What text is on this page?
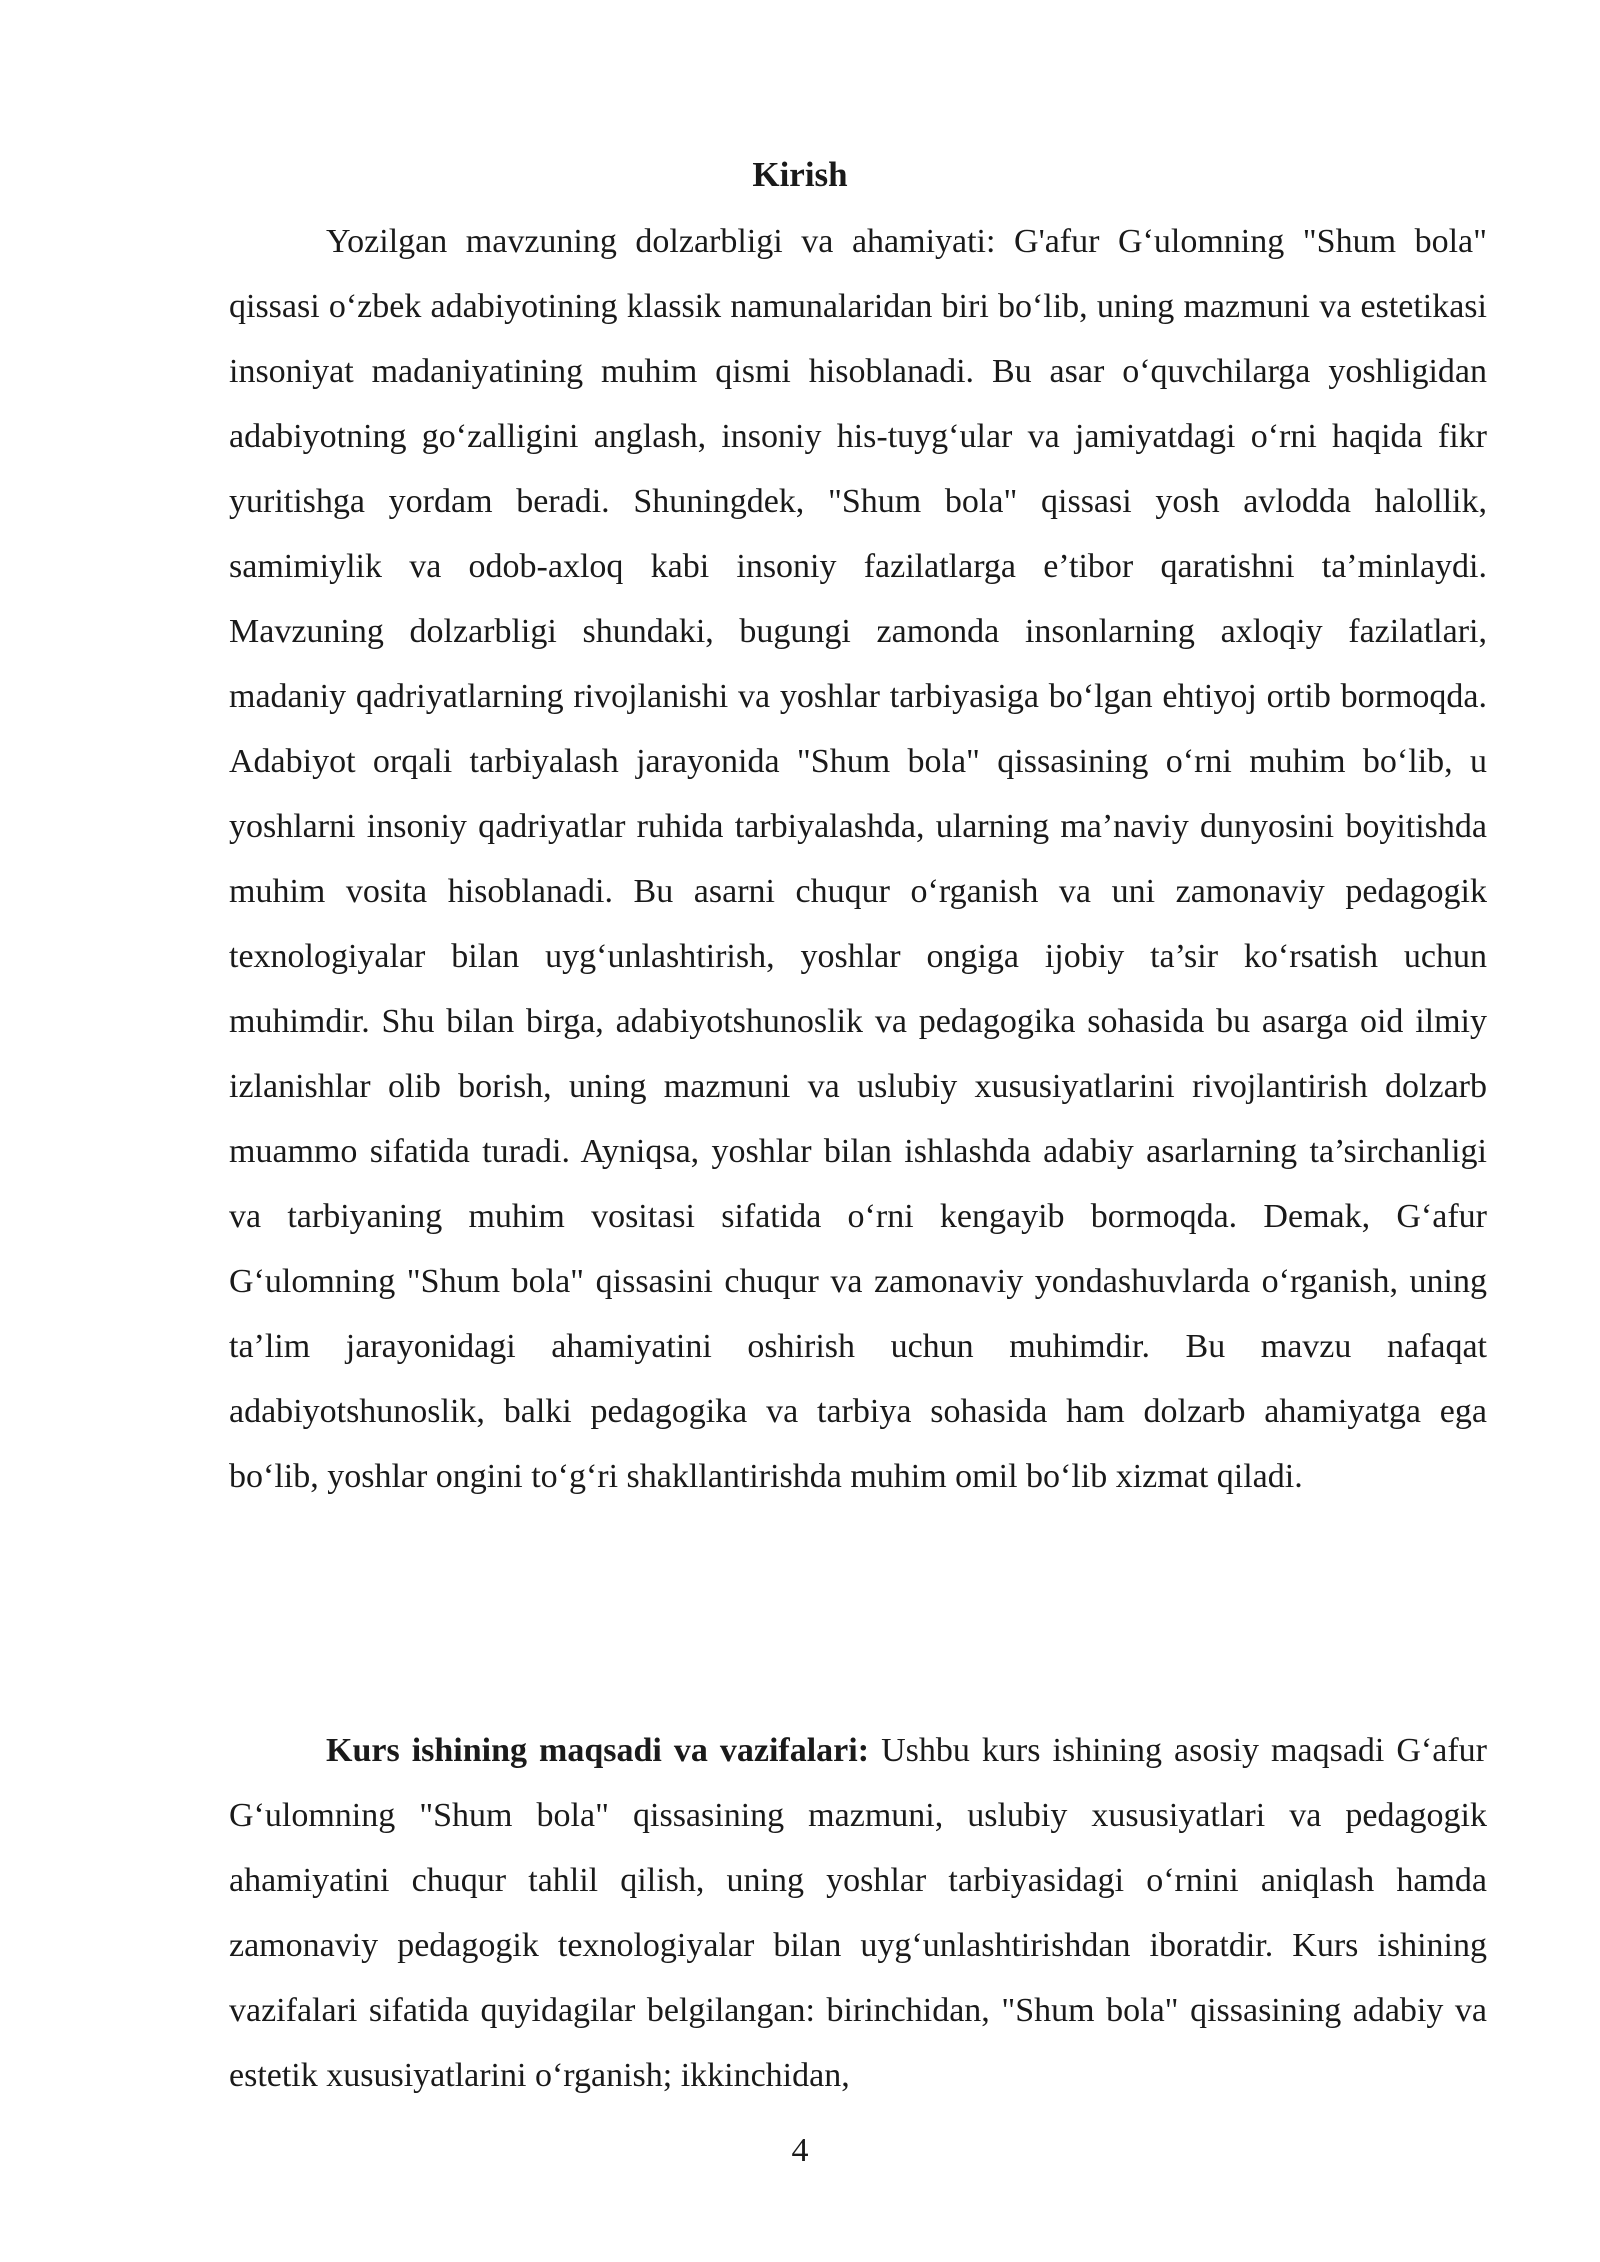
Kirish

Yozilgan mavzuning dolzarbligi va ahamiyati: G'afur G‘ulomning "Shum bola" qissasi o‘zbek adabiyotining klassik namunalaridan biri bo‘lib, uning mazmuni va estetikasi insoniyat madaniyatining muhim qismi hisoblanadi. Bu asar o‘quvchilarga yoshligidan adabiyotning go‘zalligini anglash, insoniy his-tuyg‘ular va jamiyatdagi o‘rni haqida fikr yuritishga yordam beradi. Shuningdek, "Shum bola" qissasi yosh avlodda halollik, samimiylik va odob-axloq kabi insoniy fazilatlarga e’tibor qaratishni ta’minlaydi. Mavzuning dolzarbligi shundaki, bugungi zamonda insonlarning axloqiy fazilatlari, madaniy qadriyatlarning rivojlanishi va yoshlar tarbiyasiga bo‘lgan ehtiyoj ortib bormoqda. Adabiyot orqali tarbiyalash jarayonida "Shum bola" qissasining o‘rni muhim bo‘lib, u yoshlarni insoniy qadriyatlar ruhida tarbiyalashda, ularning ma’naviy dunyosini boyitishda muhim vosita hisoblanadi. Bu asarni chuqur o‘rganish va uni zamonaviy pedagogik texnologiyalar bilan uyg‘unlashtirish, yoshlar ongiga ijobiy ta’sir ko‘rsatish uchun muhimdir. Shu bilan birga, adabiyotshunoslik va pedagogika sohasida bu asarga oid ilmiy izlanishlar olib borish, uning mazmuni va uslubiy xususiyatlarini rivojlantirish dolzarb muammo sifatida turadi. Ayniqsa, yoshlar bilan ishlashda adabiy asarlarning ta’sirchanligi va tarbiyaning muhim vositasi sifatida o‘rni kengayib bormoqda. Demak, G‘afur G‘ulomning "Shum bola" qissasini chuqur va zamonaviy yondashuvlarda o‘rganish, uning ta’lim jarayonidagi ahamiyatini oshirish uchun muhimdir. Bu mavzu nafaqat adabiyotshunoslik, balki pedagogika va tarbiya sohasida ham dolzarb ahamiyatga ega bo‘lib, yoshlar ongini to‘g‘ri shakllantirishda muhim omil bo‘lib xizmat qiladi.

Kurs ishining maqsadi va vazifalari: Ushbu kurs ishining asosiy maqsadi G‘afur G‘ulomning "Shum bola" qissasining mazmuni, uslubiy xususiyatlari va pedagogik ahamiyatini chuqur tahlil qilish, uning yoshlar tarbiyasidagi o‘rnini aniqlash hamda zamonaviy pedagogik texnologiyalar bilan uyg‘unlashtirishdan iboratdir. Kurs ishining vazifalari sifatida quyidagilar belgilangan: birinchidan, "Shum bola" qissasining adabiy va estetik xususiyatlarini o‘rganish; ikkinchidan,

4
